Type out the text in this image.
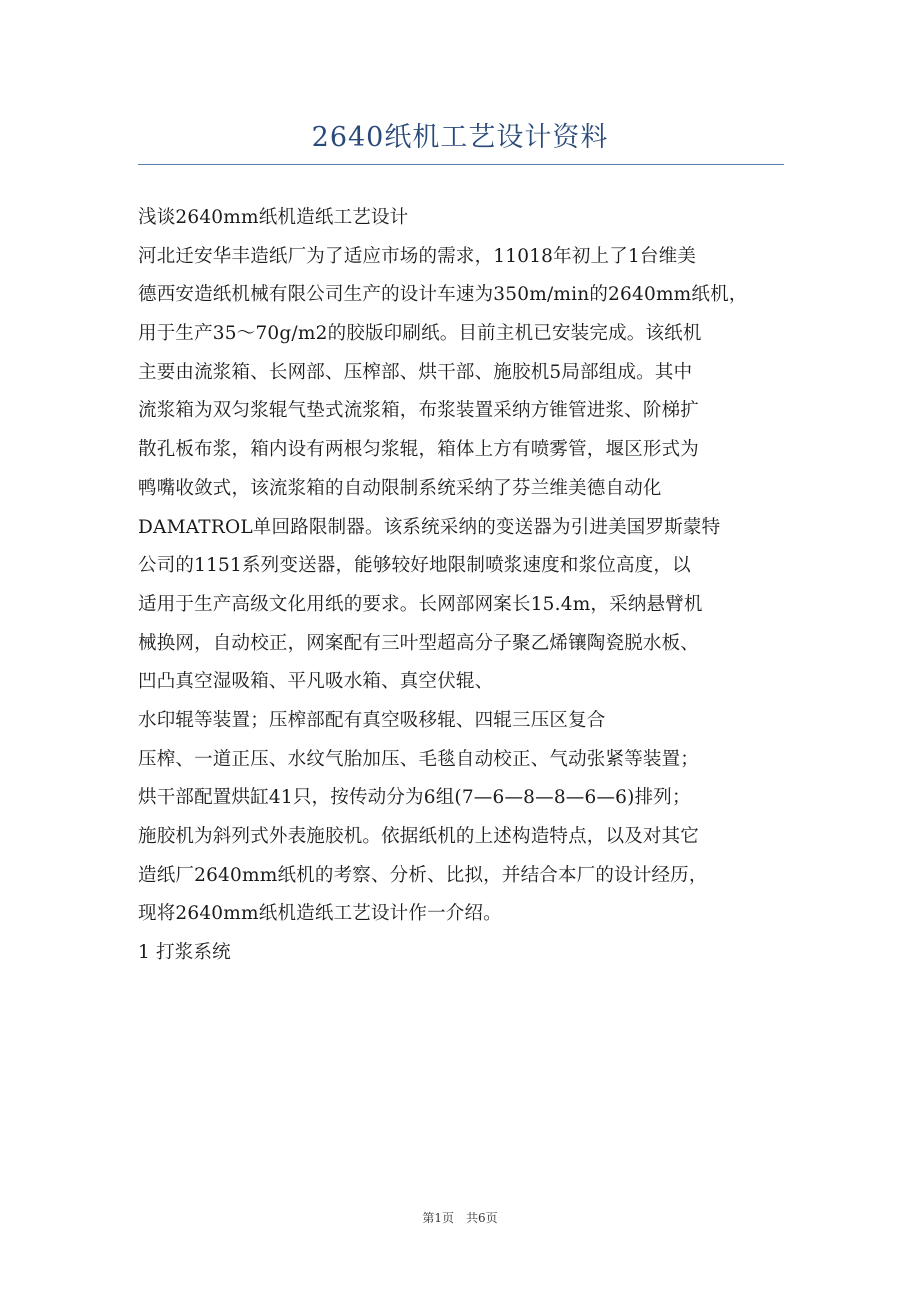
2640纸机工艺设计资料
浅谈2640mm纸机造纸工艺设计
河北迁安华丰造纸厂为了适应市场的需求，11018年初上了1台维美
德西安造纸机械有限公司生产的设计车速为350m/min的2640mm纸机，
用于生产35～70g/m2的胶版印刷纸。目前主机已安装完成。该纸机
主要由流浆箱、长网部、压榨部、烘干部、施胶机5局部组成。其中
流浆箱为双匀浆辊气垫式流浆箱，布浆装置采纳方锥管进浆、阶梯扩
散孔板布浆，箱内设有两根匀浆辊，箱体上方有喷雾管，堰区形式为
鸭嘴收敛式，该流浆箱的自动限制系统采纳了芬兰维美德自动化
DAMATROL单回路限制器。该系统采纳的变送器为引进美国罗斯蒙特
公司的1151系列变送器，能够较好地限制喷浆速度和浆位高度，以
适用于生产高级文化用纸的要求。长网部网案长15.4m，采纳悬臂机
械换网，自动校正，网案配有三叶型超高分子聚乙烯镶陶瓷脱水板、
凹凸真空湿吸箱、平凡吸水箱、真空伏辊、
水印辊等装置；压榨部配有真空吸移辊、四辊三压区复合
压榨、一道正压、水纹气胎加压、毛毯自动校正、气动张紧等装置；
烘干部配置烘缸41只，按传动分为6组(7—6—8—8—6—6)排列；
施胶机为斜列式外表施胶机。依据纸机的上述构造特点，以及对其它
造纸厂2640mm纸机的考察、分析、比拟，并结合本厂的设计经历，
现将2640mm纸机造纸工艺设计作一介绍。
1 打浆系统
第1页　共6页
